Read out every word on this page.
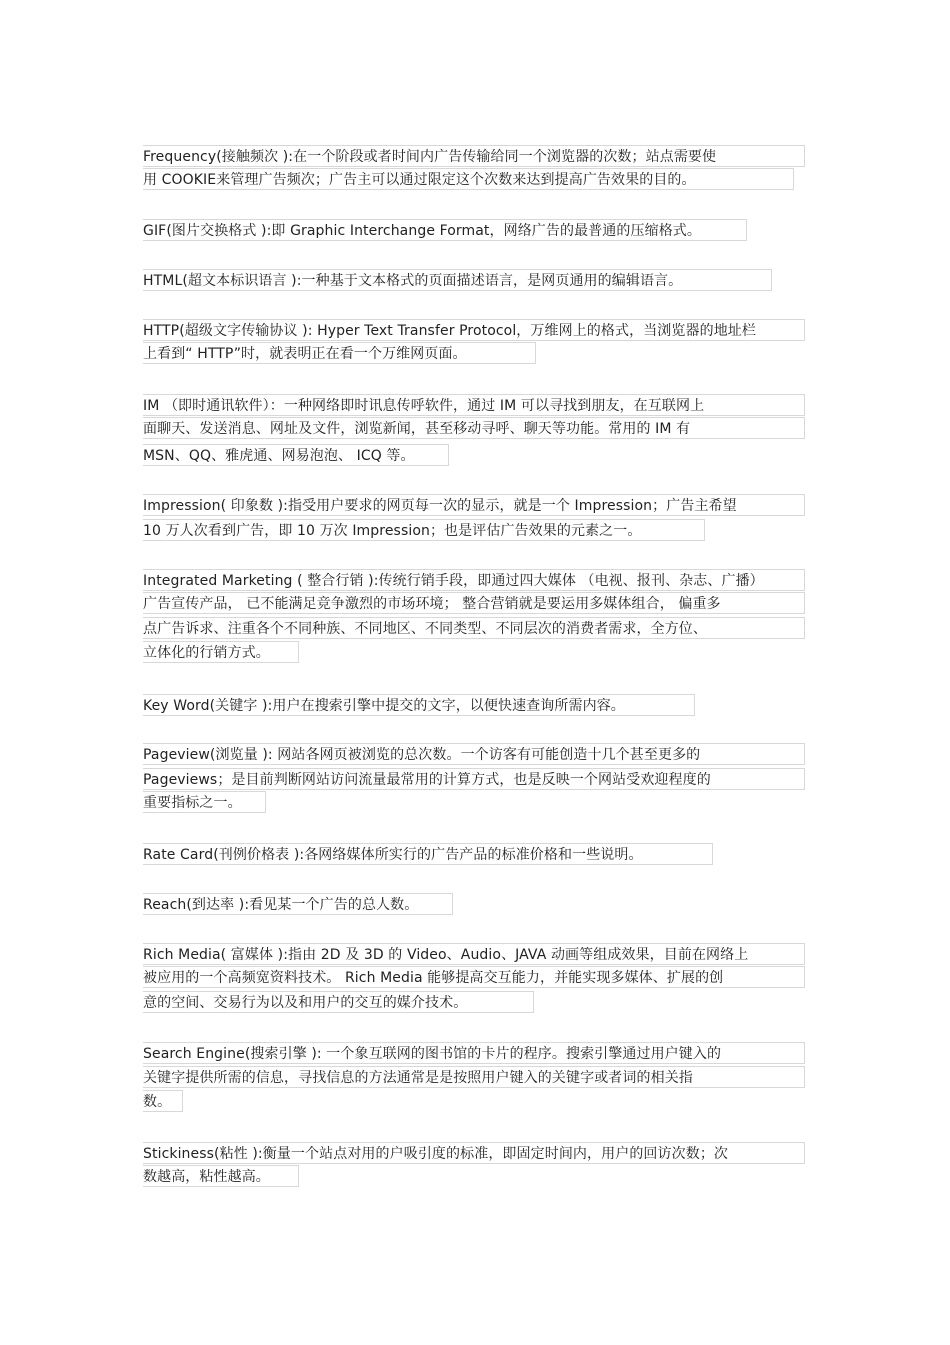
Frequency(接触频次 ):在一个阶段或者时间内广告传输给同一个浏览器的次数；站点需要使
用 COOKIE来管理广告频次；广告主可以通过限定这个次数来达到提高广告效果的目的。
GIF(图片交换格式 ):即 Graphic Interchange Format，网络广告的最普通的压缩格式。
HTML(超文本标识语言 ):一种基于文本格式的页面描述语言，是网页通用的编辑语言。
HTTP(超级文字传输协议 ): Hyper Text Transfer Protocol，万维网上的格式，当浏览器的地址栏
上看到“ HTTP”时，就表明正在看一个万维网页面。
IM （即时通讯软件）：一种网络即时讯息传呼软件，通过 IM 可以寻找到朋友，在互联网上
面聊天、发送消息、网址及文件，浏览新闻，甚至移动寻呼、聊天等功能。常用的 IM 有
MSN、QQ、雅虎通、网易泡泡、 ICQ 等。
Impression( 印象数 ):指受用户要求的网页每一次的显示，就是一个 Impression；广告主希望
10 万人次看到广告，即 10 万次 Impression；也是评估广告效果的元素之一。
Integrated Marketing ( 整合行销 ):传统行销手段，即通过四大媒体 （电视、报刊、杂志、广播）
广告宣传产品， 已不能满足竞争激烈的市场环境； 整合营销就是要运用多媒体组合， 偏重多
点广告诉求、注重各个不同种族、不同地区、不同类型、不同层次的消费者需求，全方位、
立体化的行销方式。
Key Word(关键字 ):用户在搜索引擎中提交的文字，以便快速查询所需内容。
Pageview(浏览量 ): 网站各网页被浏览的总次数。一个访客有可能创造十几个甚至更多的
Pageviews；是目前判断网站访问流量最常用的计算方式，也是反映一个网站受欢迎程度的
重要指标之一。
Rate Card(刊例价格表 ):各网络媒体所实行的广告产品的标准价格和一些说明。
Reach(到达率 ):看见某一个广告的总人数。
Rich Media( 富媒体 ):指由 2D 及 3D 的 Video、Audio、JAVA 动画等组成效果，目前在网络上
被应用的一个高频宽资料技术。 Rich Media 能够提高交互能力，并能实现多媒体、扩展的创
意的空间、交易行为以及和用户的交互的媒介技术。
Search Engine(搜索引擎 ): 一个象互联网的图书馆的卡片的程序。搜索引擎通过用户键入的
关键字提供所需的信息，寻找信息的方法通常是是按照用户键入的关键字或者词的相关指
数。
Stickiness(粘性 ):衡量一个站点对用的户吸引度的标准，即固定时间内，用户的回访次数；次
数越高，粘性越高。
